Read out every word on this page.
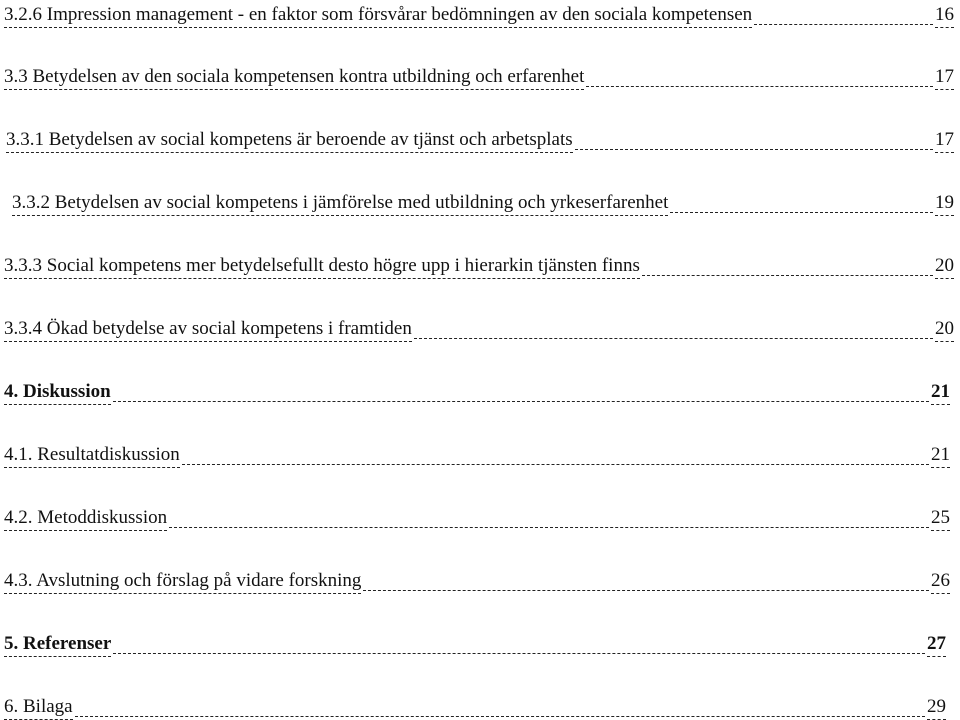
3.2.6 Impression management - en faktor som försvårar bedömningen av den sociala kompetensen	16
3.3 Betydelsen av den sociala kompetensen kontra utbildning och erfarenhet	17
3.3.1 Betydelsen av social kompetens är beroende av tjänst och arbetsplats	17
3.3.2 Betydelsen av social kompetens i jämförelse med utbildning och yrkeserfarenhet	19
3.3.3 Social kompetens mer betydelsefullt desto högre upp i hierarkin tjänsten finns	20
3.3.4 Ökad betydelse av social kompetens i framtiden	20
4. Diskussion	21
4.1. Resultatdiskussion	21
4.2. Metoddiskussion	25
4.3. Avslutning och förslag på vidare forskning	26
5. Referenser	27
6. Bilaga	29
